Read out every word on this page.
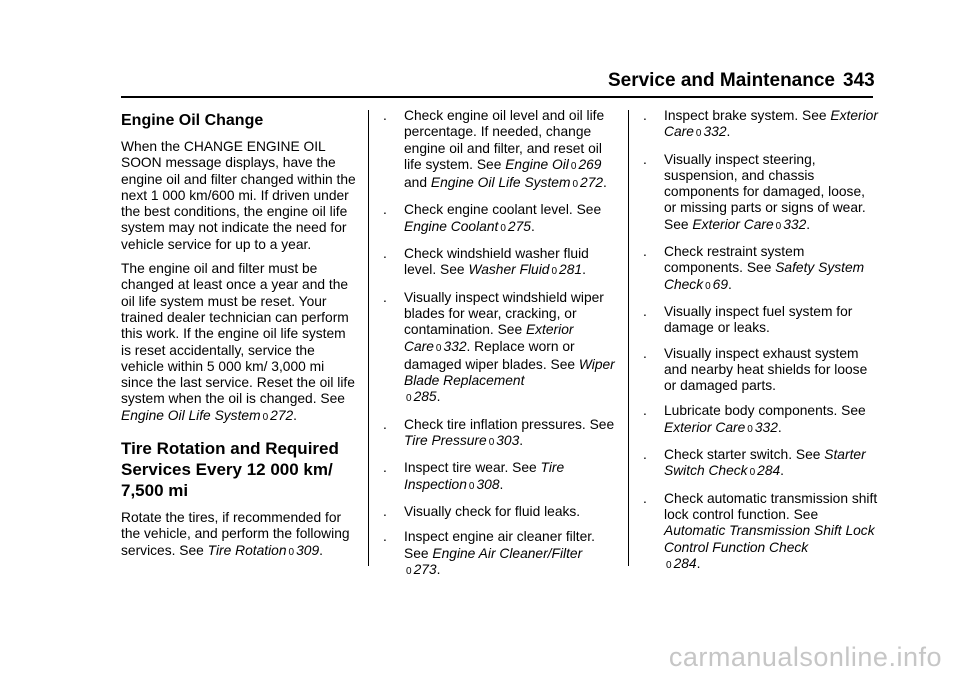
Service and Maintenance 343
Engine Oil Change

When the CHANGE ENGINE OIL SOON message displays, have the engine oil and filter changed within the next 1 000 km/600 mi. If driven under the best conditions, the engine oil life system may not indicate the need for vehicle service for up to a year.

The engine oil and filter must be changed at least once a year and the oil life system must be reset. Your trained dealer technician can perform this work. If the engine oil life system is reset accidentally, service the vehicle within 5 000 km/ 3,000 mi since the last service. Reset the oil life system when the oil is changed. See Engine Oil Life System 0 272.

Tire Rotation and Required Services Every 12 000 km/ 7,500 mi

Rotate the tires, if recommended for the vehicle, and perform the following services. See Tire Rotation 0 309.

. Check engine oil level and oil life percentage. If needed, change engine oil and filter, and reset oil life system. See Engine Oil 0 269 and Engine Oil Life System 0 272.
. Check engine coolant level. See Engine Coolant 0 275.
. Check windshield washer fluid level. See Washer Fluid 0 281.
. Visually inspect windshield wiper blades for wear, cracking, or contamination. See Exterior Care 0 332. Replace worn or damaged wiper blades. See Wiper Blade Replacement
0 285.
. Check tire inflation pressures. See Tire Pressure 0 303.
. Inspect tire wear. See Tire Inspection 0 308.
. Visually check for fluid leaks.
. Inspect engine air cleaner filter. See Engine Air Cleaner/Filter
0 273.
. Inspect brake system. See Exterior Care 0 332.
. Visually inspect steering, suspension, and chassis components for damaged, loose, or missing parts or signs of wear. See Exterior Care 0 332.
. Check restraint system components. See Safety System Check 0 69.
. Visually inspect fuel system for damage or leaks.
. Visually inspect exhaust system and nearby heat shields for loose or damaged parts.
. Lubricate body components. See Exterior Care 0 332.
. Check starter switch. See Starter Switch Check 0 284.
. Check automatic transmission shift lock control function. See Automatic Transmission Shift Lock Control Function Check
0 284.
carmanualsonline.info
